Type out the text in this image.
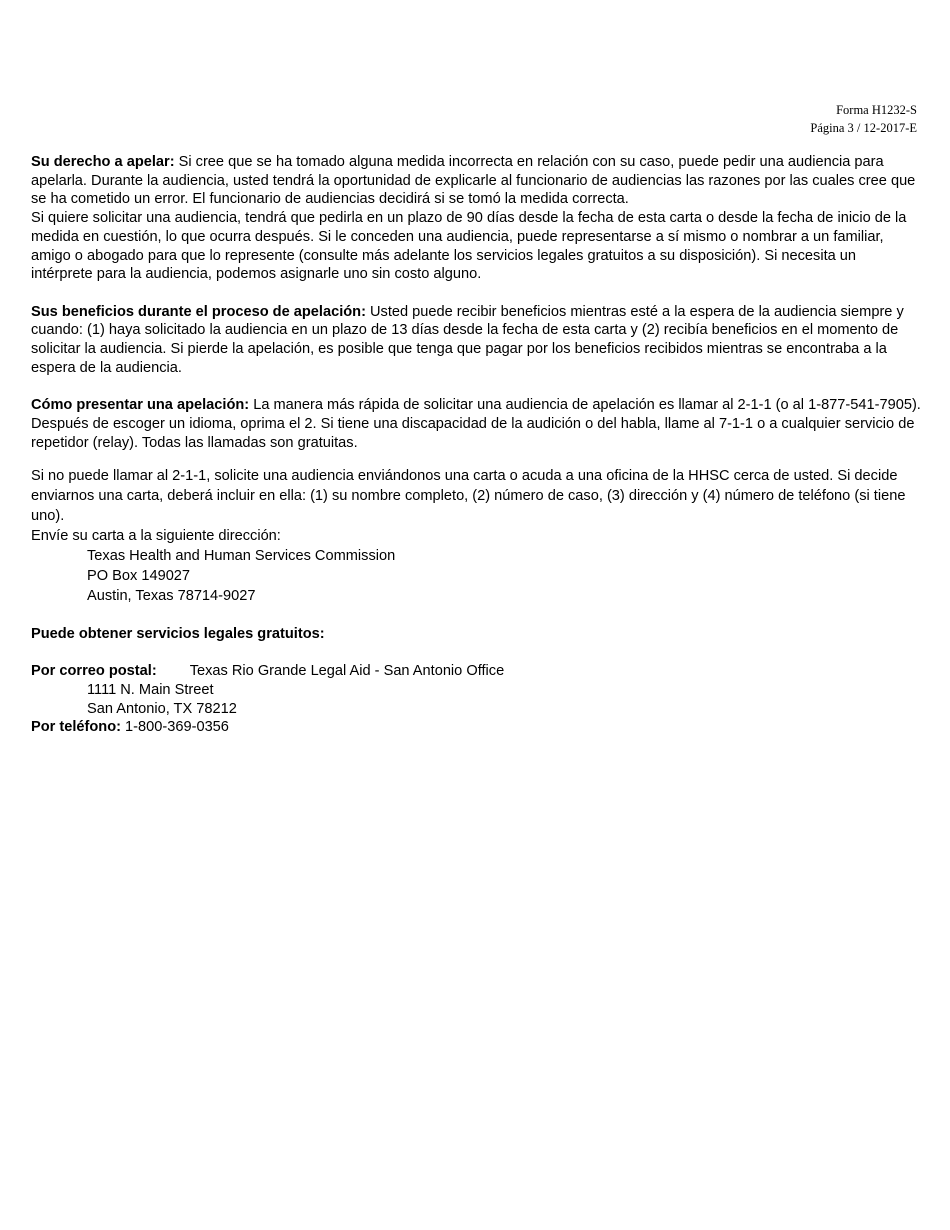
Forma H1232-S
Página 3 / 12-2017-E

Su derecho a apelar: Si cree que se ha tomado alguna medida incorrecta en relación con su caso, puede pedir una audiencia para apelarla. Durante la audiencia, usted tendrá la oportunidad de explicarle al funcionario de audiencias las razones por las cuales cree que se ha cometido un error. El funcionario de audiencias decidirá si se tomó la medida correcta.

Si quiere solicitar una audiencia, tendrá que pedirla en un plazo de 90 días desde la fecha de esta carta o desde la fecha de inicio de la medida en cuestión, lo que ocurra después. Si le conceden una audiencia, puede representarse a sí mismo o nombrar a un familiar, amigo o abogado para que lo represente (consulte más adelante los servicios legales gratuitos a su disposición). Si necesita un intérprete para la audiencia, podemos asignarle uno sin costo alguno.

Sus beneficios durante el proceso de apelación: Usted puede recibir beneficios mientras esté a la espera de la audiencia siempre y cuando: (1) haya solicitado la audiencia en un plazo de 13 días desde la fecha de esta carta y (2) recibía beneficios en el momento de solicitar la audiencia. Si pierde la apelación, es posible que tenga que pagar por los beneficios recibidos mientras se encontraba a la espera de la audiencia.

Cómo presentar una apelación: La manera más rápida de solicitar una audiencia de apelación es llamar al 2-1-1 (o al 1-877-541-7905). Después de escoger un idioma, oprima el 2. Si tiene una discapacidad de la audición o del habla, llame al 7-1-1 o a cualquier servicio de repetidor (relay). Todas las llamadas son gratuitas.

Si no puede llamar al 2-1-1, solicite una audiencia enviándonos una carta o acuda a una oficina de la HHSC cerca de usted. Si decide enviarnos una carta, deberá incluir en ella: (1) su nombre completo, (2) número de caso, (3) dirección y (4) número de teléfono (si tiene uno).

Envíe su carta a la siguiente dirección:

Texas Health and Human Services Commission
PO Box 149027
Austin, Texas 78714-9027

Puede obtener servicios legales gratuitos:

Por correo postal: Texas Rio Grande Legal Aid - San Antonio Office

1111 N. Main Street
San Antonio, TX 78212

Por teléfono: 1-800-369-0356
